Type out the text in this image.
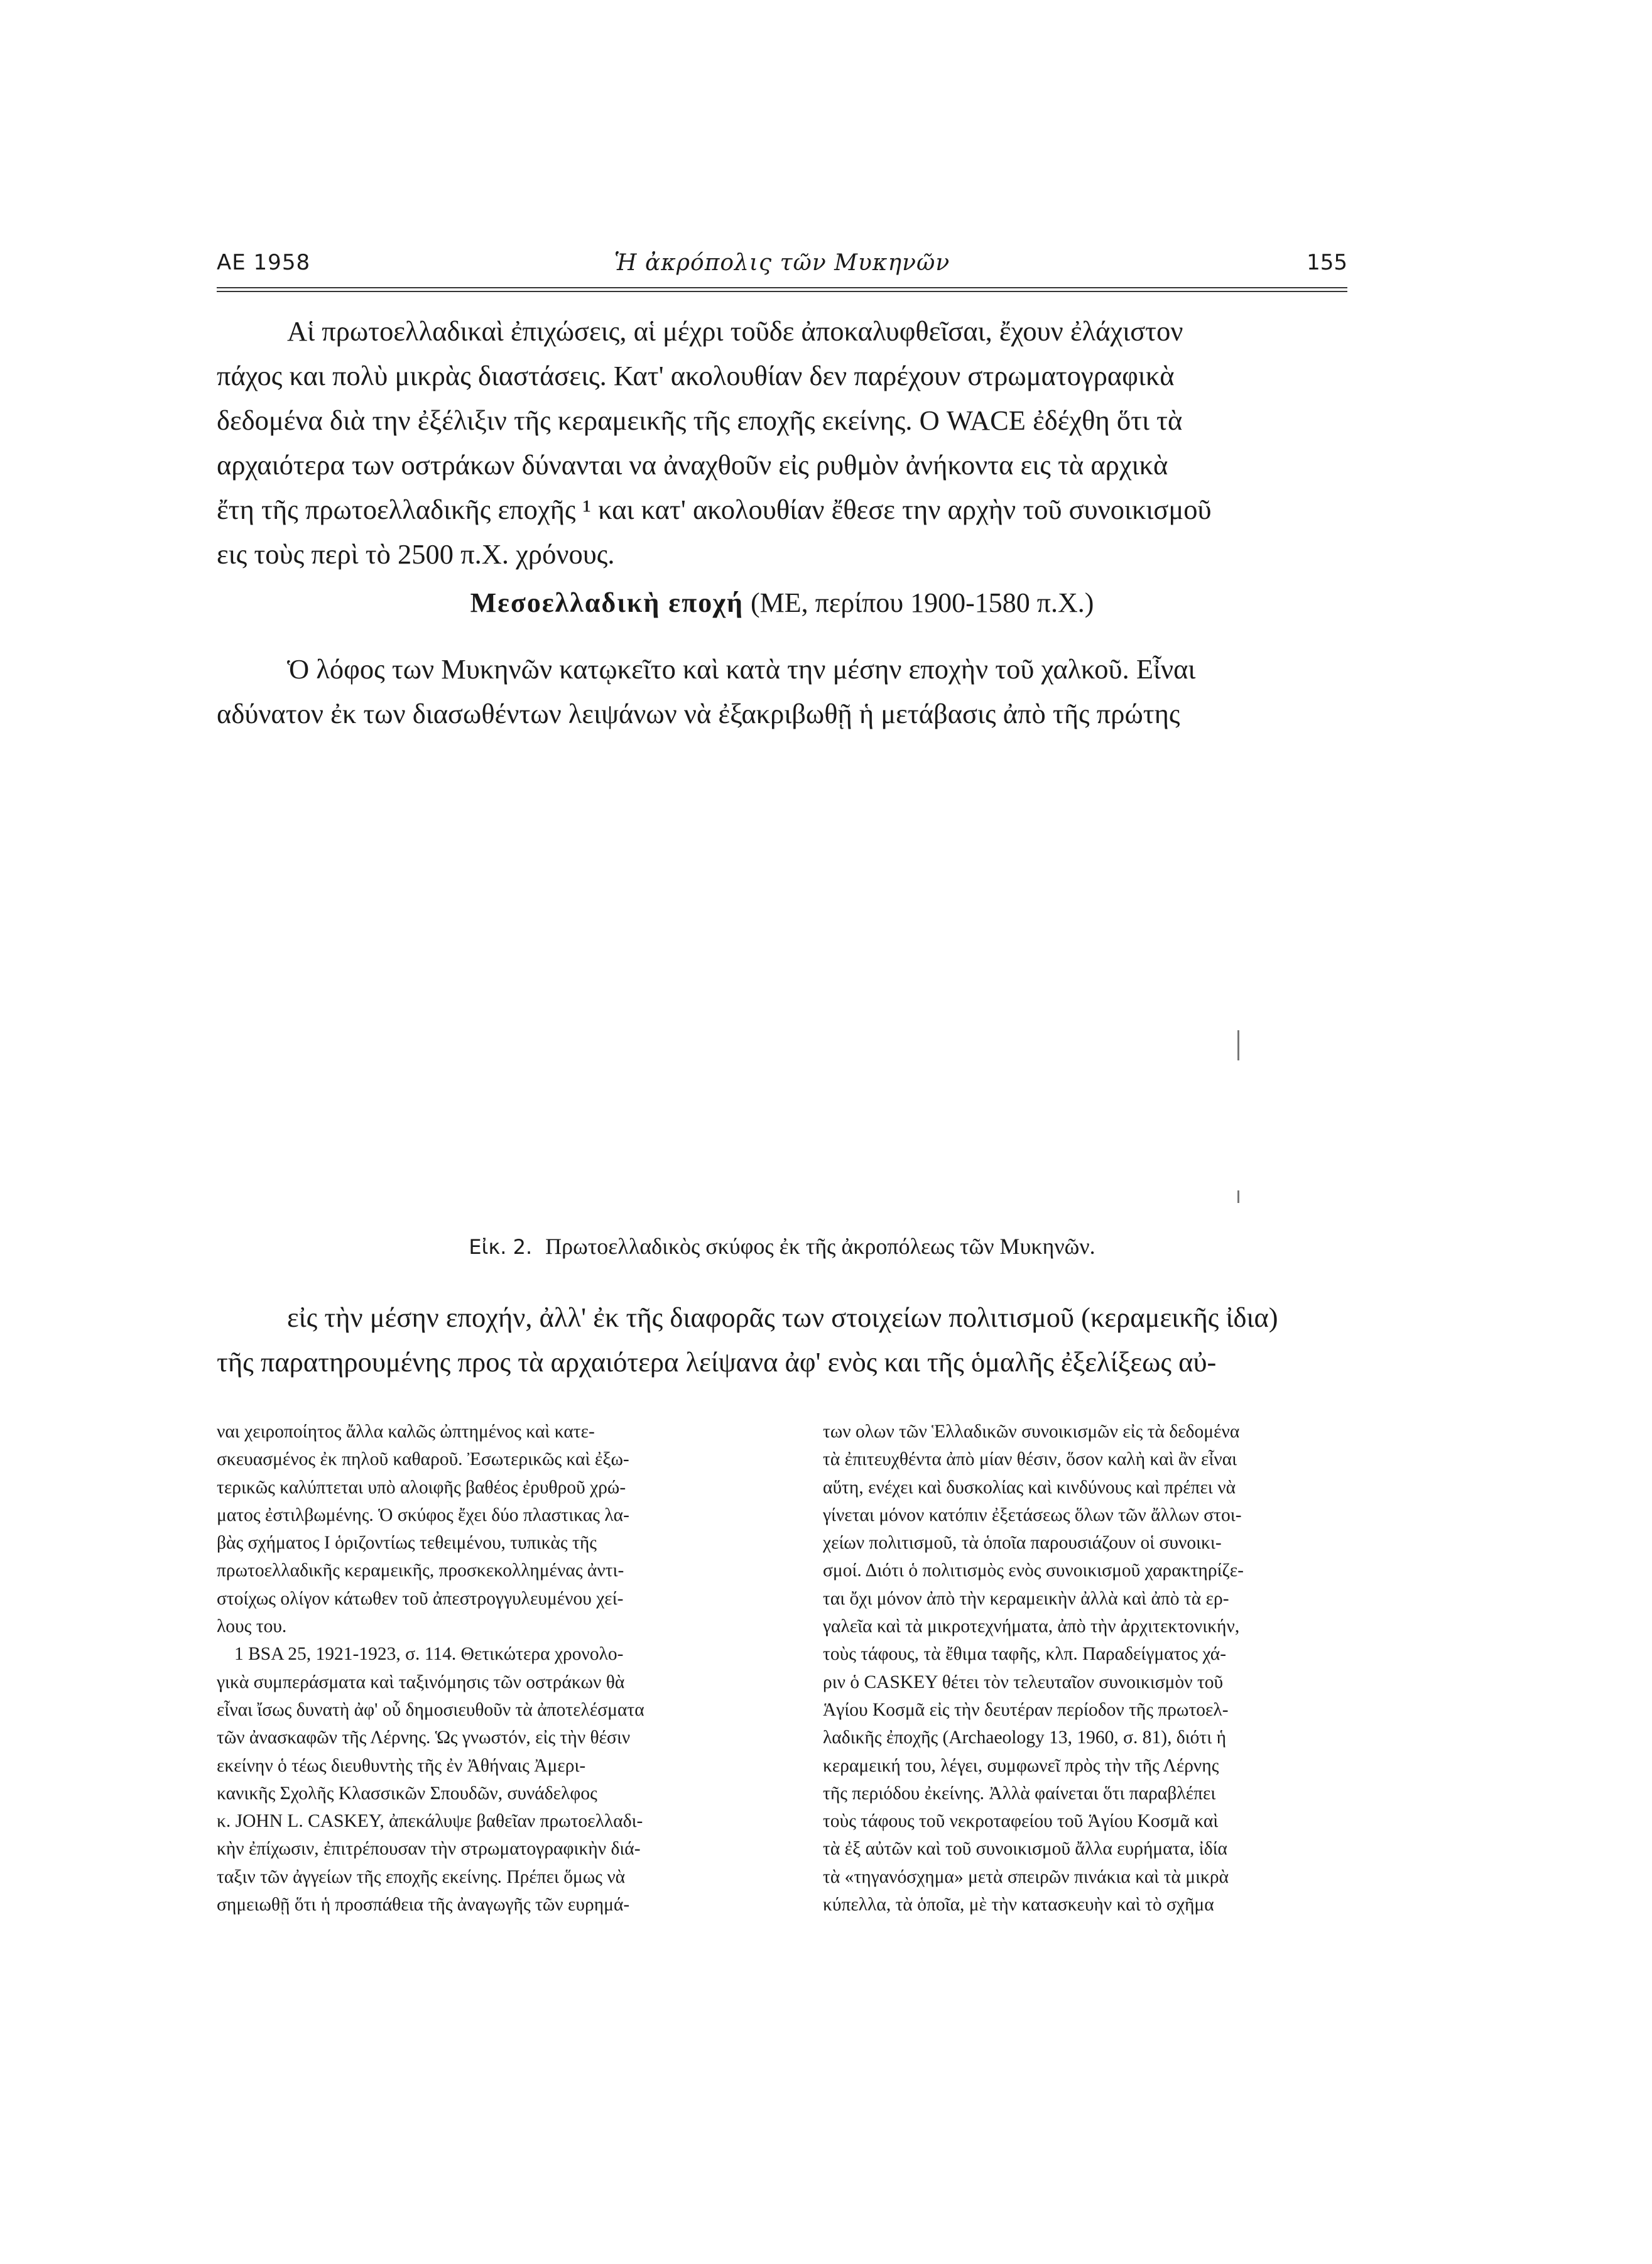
ΑΕ 1958	Ἡ ἀκρόπολις τῶν Μυκηνῶν	155
Αἱ πρωτοελλαδικαὶ ἐπιχώσεις, αἱ μέχρι τοῦδε ἀποκαλυφθεῖσαι, ἔχουν ἐλάχιστον
πάχος και πολὺ μικρὰς διαστάσεις. Κατ' ακολουθίαν δεν παρέχουν στρωματογραφικὰ
δεδομένα διὰ την ἐξέλιξιν τῆς κεραμεικῆς τῆς εποχῆς εκείνης. Ο WACE ἐδέχθη ὅτι τὰ
αρχαιότερα των οστράκων δύνανται να ἀναχθοῦν εἰς ρυθμὸν ἀνήκοντα εις τὰ αρχικὰ
ἔτη τῆς πρωτοελλαδικῆς εποχῆς ¹ και κατ' ακολουθίαν ἔθεσε την αρχὴν τοῦ συνοικισμοῦ
εις τοὺς περὶ τὸ 2500 π.Χ. χρόνους.
Μεσοελλαδικὴ εποχή (ΜΕ, περίπου 1900-1580 π.Χ.)
Ὁ λόφος των Μυκηνῶν κατῳκεῖτο καὶ κατὰ την μέσην εποχὴν τοῦ χαλκοῦ. Εἶναι
αδύνατον ἐκ των διασωθέντων λειψάνων νὰ ἐξακριβωθῇ ἡ μετάβασις ἀπὸ τῆς πρώτης
Εἰκ. 2. Πρωτοελλαδικὸς σκύφος ἐκ τῆς ἀκροπόλεως τῶν Μυκηνῶν.
εἰς τὴν μέσην εποχήν, ἀλλ' ἐκ τῆς διαφορᾶς των στοιχείων πολιτισμοῦ (κεραμεικῆς ἰδια)
τῆς παρατηρουμένης προς τὰ αρχαιότερα λείψανα ἀφ' ενὸς και τῆς ὁμαλῆς ἐξελίξεως αὐ-

ναι χειροποίητος ἄλλα καλῶς ὠπτημένος καὶ κατε-

σκευασμένος ἐκ πηλοῦ καθαροῦ. Ἐσωτερικῶς καὶ ἐξω-

τερικῶς καλύπτεται υπὸ αλοιφῆς βαθέος ἐρυθροῦ χρώ-

ματος ἐστιλβωμένης. Ὁ σκύφος ἔχει δύο πλαστικας λα-

βὰς σχήματος Ι ὁριζοντίως τεθειμένου, τυπικὰς τῆς

πρωτοελλαδικῆς κεραμεικῆς, προσκεκολλημένας ἀντι-

στοίχως ολίγον κάτωθεν τοῦ ἀπεστρογγυλευμένου χεί-

λους του.

1 BSA 25, 1921-1923, σ. 114. Θετικώτερα χρονολο-

γικὰ συμπεράσματα καὶ ταξινόμησις τῶν οστράκων θὰ

εἶναι ἴσως δυνατὴ ἀφ' οὗ δημοσιευθοῦν τὰ ἀποτελέσματα

τῶν ἀνασκαφῶν τῆς Λέρνης. Ὡς γνωστόν, εἰς τὴν θέσιν

εκείνην ὁ τέως διευθυντὴς τῆς ἐν Ἀθήναις Ἀμερι-

κανικῆς Σχολῆς Κλασσικῶν Σπουδῶν, συνάδελφος

κ. JOHN L. CASKEY, ἀπεκάλυψε βαθεῖαν πρωτοελλαδι-

κὴν ἐπίχωσιν, ἐπιτρέπουσαν τὴν στρωματογραφικὴν διά-

ταξιν τῶν ἀγγείων τῆς εποχῆς εκείνης. Πρέπει ὅμως νὰ

σημειωθῇ ὅτι ἡ προσπάθεια τῆς ἀναγωγῆς τῶν ευρημά-

των ολων τῶν Ἑλλαδικῶν συνοικισμῶν εἰς τὰ δεδομένα

τὰ ἐπιτευχθέντα ἀπὸ μίαν θέσιν, ὅσον καλὴ καὶ ἂν εἶναι

αὕτη, ενέχει καὶ δυσκολίας καὶ κινδύνους καὶ πρέπει νὰ

γίνεται μόνον κατόπιν ἐξετάσεως ὅλων τῶν ἄλλων στοι-

χείων πολιτισμοῦ, τὰ ὁποῖα παρουσιάζουν οἱ συνοικι-

σμοί. Διότι ὁ πολιτισμὸς ενὸς συνοικισμοῦ χαρακτηρίζε-

ται ὄχι μόνον ἀπὸ τὴν κεραμεικὴν ἀλλὰ καὶ ἀπὸ τὰ ερ-

γαλεῖα καὶ τὰ μικροτεχνήματα, ἀπὸ τὴν ἀρχιτεκτονικήν,

τοὺς τάφους, τὰ ἔθιμα ταφῆς, κλπ. Παραδείγματος χά-

ριν ὁ CASKEY θέτει τὸν τελευταῖον συνοικισμὸν τοῦ

Ἁγίου Κοσμᾶ εἰς τὴν δευτέραν περίοδον τῆς πρωτοελ-

λαδικῆς ἐποχῆς (Archaeology 13, 1960, σ. 81), διότι ἡ

κεραμεική του, λέγει, συμφωνεῖ πρὸς τὴν τῆς Λέρνης

τῆς περιόδου ἐκείνης. Ἀλλὰ φαίνεται ὅτι παραβλέπει

τοὺς τάφους τοῦ νεκροταφείου τοῦ Ἁγίου Κοσμᾶ καὶ

τὰ ἐξ αὐτῶν καὶ τοῦ συνοικισμοῦ ἄλλα ευρήματα, ἰδία

τὰ «τηγανόσχημα» μετὰ σπειρῶν πινάκια καὶ τὰ μικρὰ

κύπελλα, τὰ ὁποῖα, μὲ τὴν κατασκευὴν καὶ τὸ σχῆμα
